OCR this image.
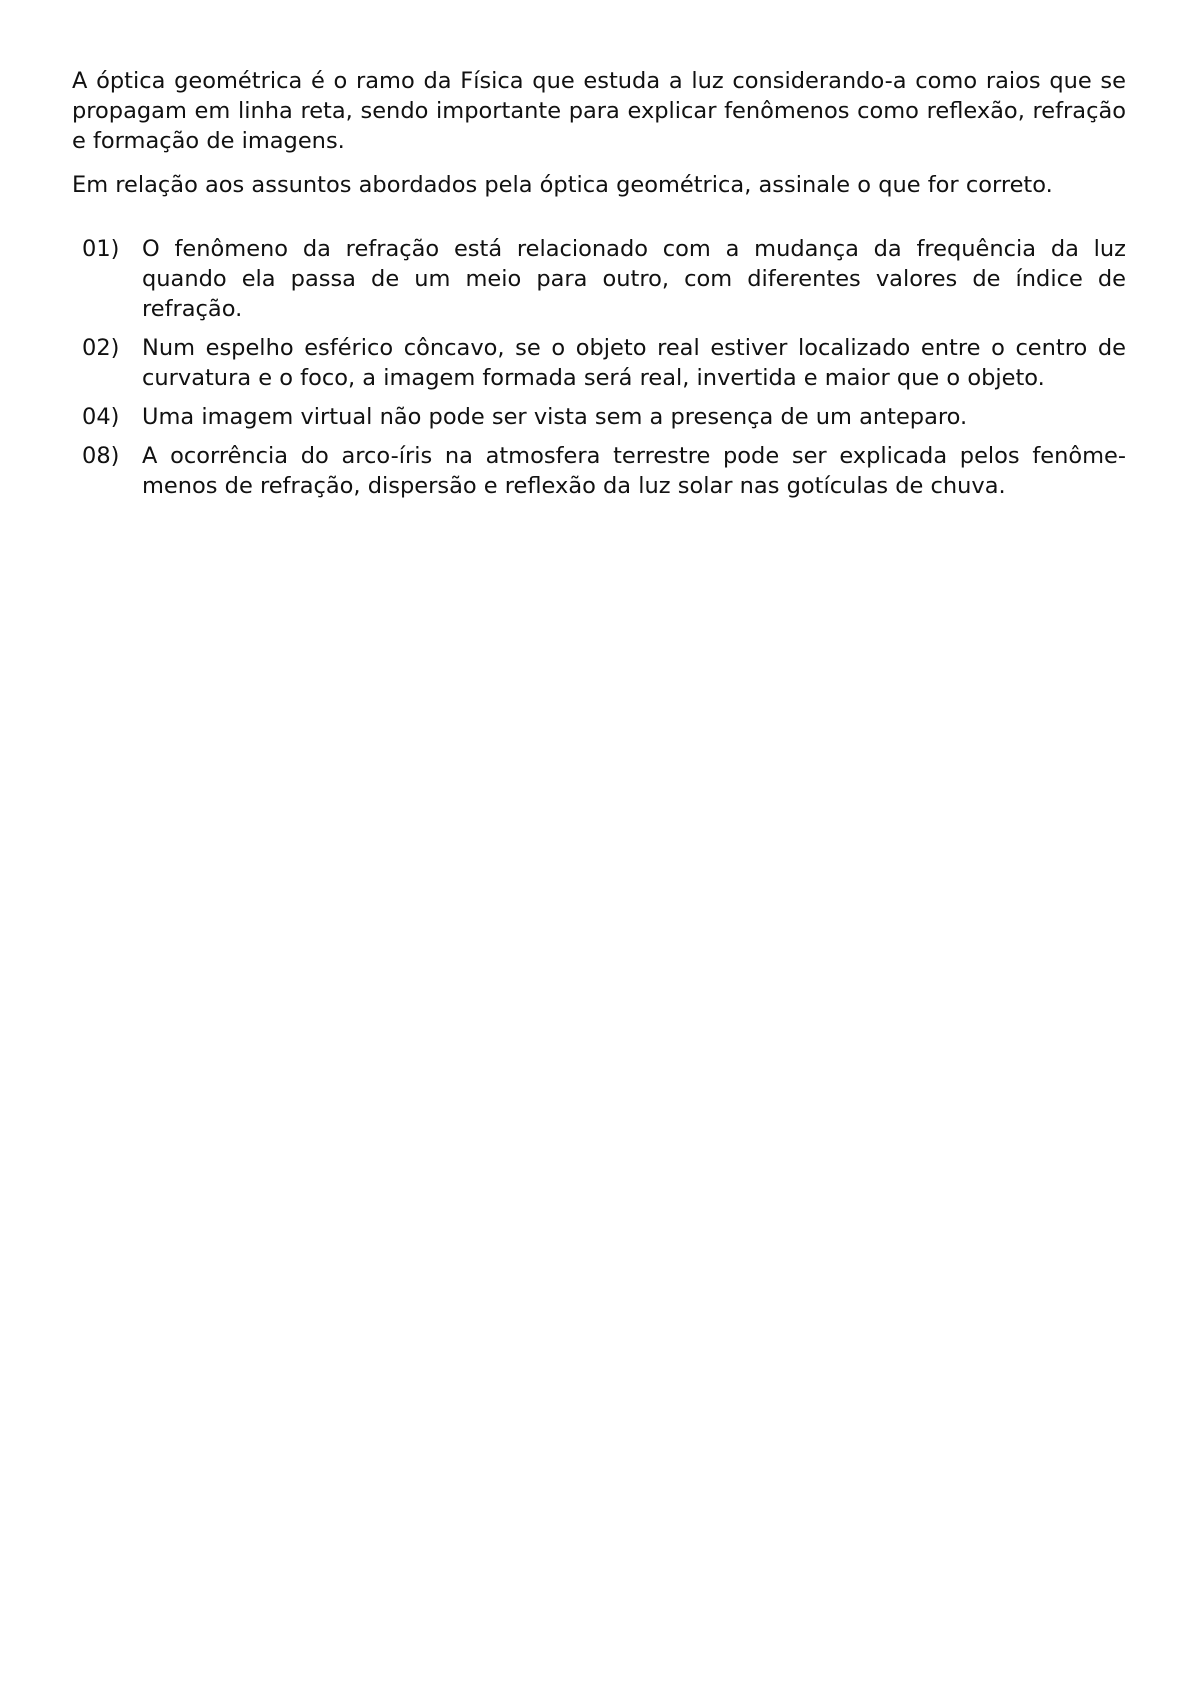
A óptica geométrica é o ramo da Física que estuda a luz considerando-a como raios que se propagam em linha reta, sendo importante para explicar fenômenos como reflexão, refração e formação de imagens.

Em relação aos assuntos abordados pela óptica geométrica, assinale o que for correto.

01)	O fenômeno da refração está relacionado com a mudança da frequência da luz quando ela passa de um meio para outro, com diferentes valores de índice de refração.
02)	Num espelho esférico côncavo, se o objeto real estiver localizado entre o centro de curvatura e o foco, a imagem formada será real, invertida e maior que o objeto.
04)	Uma imagem virtual não pode ser vista sem a presença de um anteparo.
08)	A ocorrência do arco-íris na atmosfera terrestre pode ser explicada pelos fenômemenos de refração, dispersão e reflexão da luz solar nas gotículas de chuva.
